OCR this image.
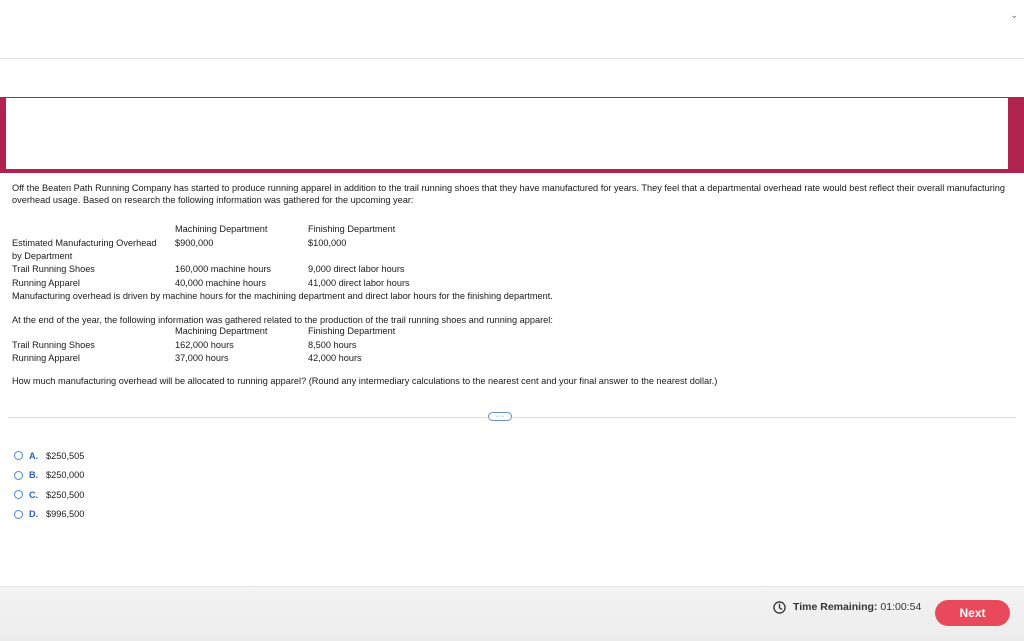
⌄

Off the Beaten Path Running Company has started to produce running apparel in addition to the trail running shoes that they have manufactured for years. They feel that a departmental overhead rate would best reflect their overall manufacturing overhead usage. Based on research the following information was gathered for the upcoming year:

Machining Department	Finishing Department
Estimated Manufacturing Overhead $900,000	$100,000
by Department
Trail Running Shoes	160,000 machine hours	9,000 direct labor hours
Running Apparel	40,000 machine hours	41,000 direct labor hours

Manufacturing overhead is driven by machine hours for the machining department and direct labor hours for the finishing department.

At the end of the year, the following information was gathered related to the production of the trail running shoes and running apparel:

Machining Department	Finishing Department
Trail Running Shoes	162,000 hours	8,500 hours
Running Apparel	37,000 hours	42,000 hours

How much manufacturing overhead will be allocated to running apparel? (Round any intermediary calculations to the nearest cent and your final answer to the nearest dollar.)

····
A. $250,505
B. $250,000
C. $250,500
D. $996,500
Time Remaining: 01:00:54	Next
